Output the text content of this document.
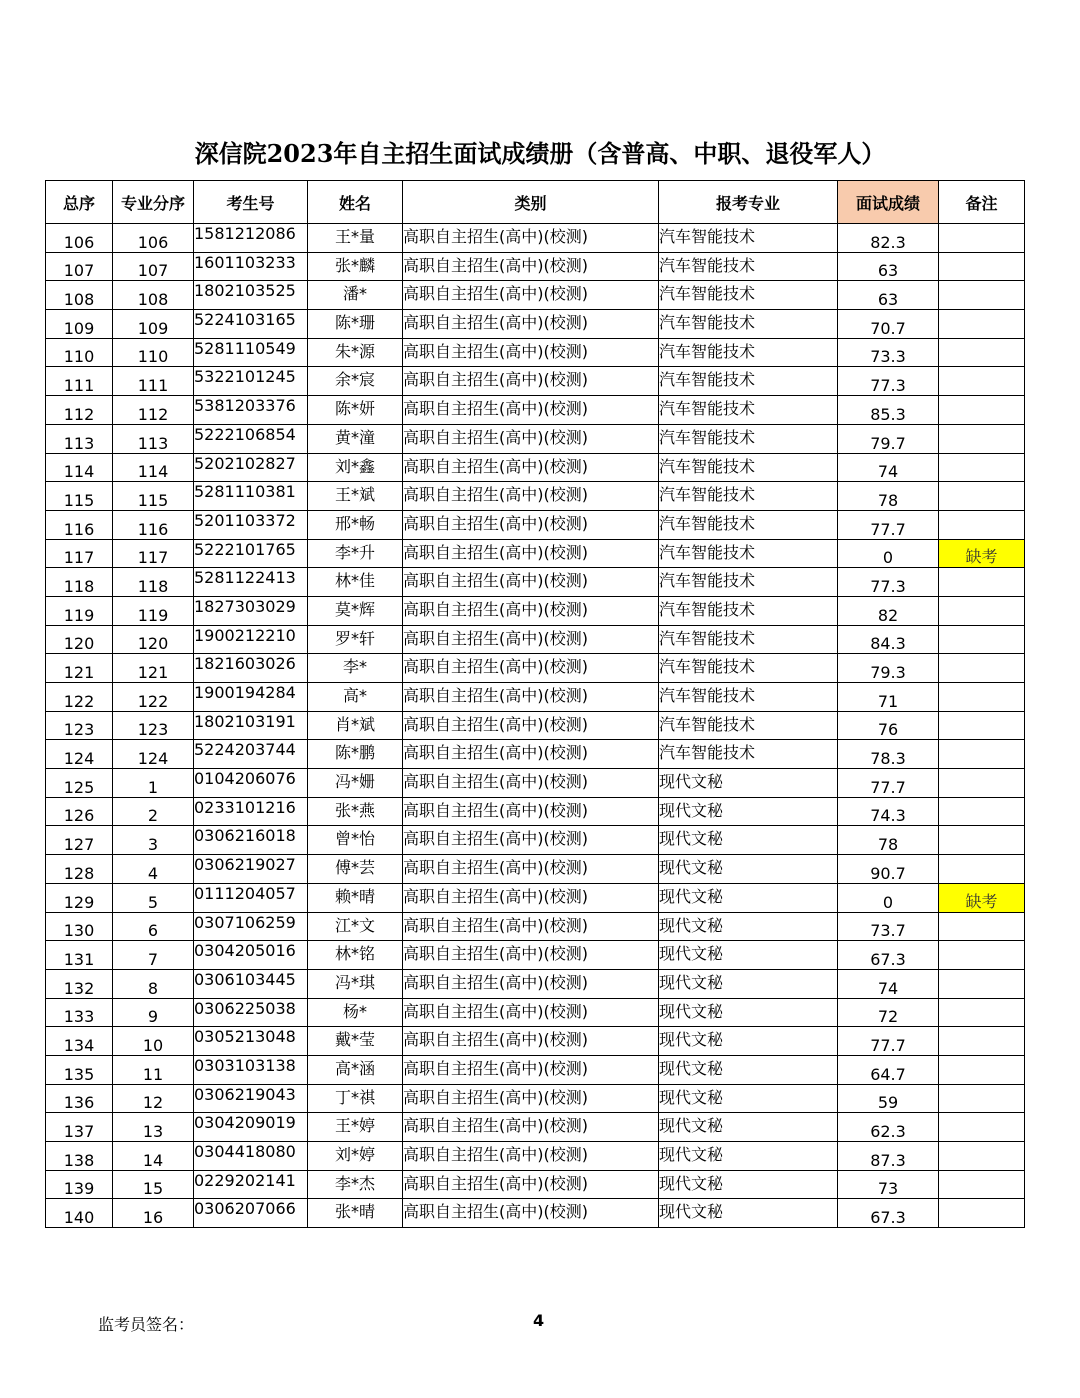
深信院2023年自主招生面试成绩册（含普高、中职、退役军人）
总序	专业分序	考生号	姓名	类别	报考专业	面试成绩	备注
106	106	1581212086	王*量	高职自主招生(高中)(校测)	汽车智能技术	82.3	
107	107	1601103233	张*麟	高职自主招生(高中)(校测)	汽车智能技术	63	
108	108	1802103525	潘*	高职自主招生(高中)(校测)	汽车智能技术	63	
109	109	5224103165	陈*珊	高职自主招生(高中)(校测)	汽车智能技术	70.7	
110	110	5281110549	朱*源	高职自主招生(高中)(校测)	汽车智能技术	73.3	
111	111	5322101245	余*宸	高职自主招生(高中)(校测)	汽车智能技术	77.3	
112	112	5381203376	陈*妍	高职自主招生(高中)(校测)	汽车智能技术	85.3	
113	113	5222106854	黄*潼	高职自主招生(高中)(校测)	汽车智能技术	79.7	
114	114	5202102827	刘*鑫	高职自主招生(高中)(校测)	汽车智能技术	74	
115	115	5281110381	王*斌	高职自主招生(高中)(校测)	汽车智能技术	78	
116	116	5201103372	邢*畅	高职自主招生(高中)(校测)	汽车智能技术	77.7	
117	117	5222101765	李*升	高职自主招生(高中)(校测)	汽车智能技术	0	缺考
118	118	5281122413	林*佳	高职自主招生(高中)(校测)	汽车智能技术	77.3	
119	119	1827303029	莫*辉	高职自主招生(高中)(校测)	汽车智能技术	82	
120	120	1900212210	罗*轩	高职自主招生(高中)(校测)	汽车智能技术	84.3	
121	121	1821603026	李*	高职自主招生(高中)(校测)	汽车智能技术	79.3	
122	122	1900194284	高*	高职自主招生(高中)(校测)	汽车智能技术	71	
123	123	1802103191	肖*斌	高职自主招生(高中)(校测)	汽车智能技术	76	
124	124	5224203744	陈*鹏	高职自主招生(高中)(校测)	汽车智能技术	78.3	
125	1	0104206076	冯*姗	高职自主招生(高中)(校测)	现代文秘	77.7	
126	2	0233101216	张*燕	高职自主招生(高中)(校测)	现代文秘	74.3	
127	3	0306216018	曾*怡	高职自主招生(高中)(校测)	现代文秘	78	
128	4	0306219027	傅*芸	高职自主招生(高中)(校测)	现代文秘	90.7	
129	5	0111204057	赖*晴	高职自主招生(高中)(校测)	现代文秘	0	缺考
130	6	0307106259	江*文	高职自主招生(高中)(校测)	现代文秘	73.7	
131	7	0304205016	林*铭	高职自主招生(高中)(校测)	现代文秘	67.3	
132	8	0306103445	冯*琪	高职自主招生(高中)(校测)	现代文秘	74	
133	9	0306225038	杨*	高职自主招生(高中)(校测)	现代文秘	72	
134	10	0305213048	戴*莹	高职自主招生(高中)(校测)	现代文秘	77.7	
135	11	0303103138	高*涵	高职自主招生(高中)(校测)	现代文秘	64.7	
136	12	0306219043	丁*祺	高职自主招生(高中)(校测)	现代文秘	59	
137	13	0304209019	王*婷	高职自主招生(高中)(校测)	现代文秘	62.3	
138	14	0304418080	刘*婷	高职自主招生(高中)(校测)	现代文秘	87.3	
139	15	0229202141	李*杰	高职自主招生(高中)(校测)	现代文秘	73	
140	16	0306207066	张*晴	高职自主招生(高中)(校测)	现代文秘	67.3	
监考员签名：	4
